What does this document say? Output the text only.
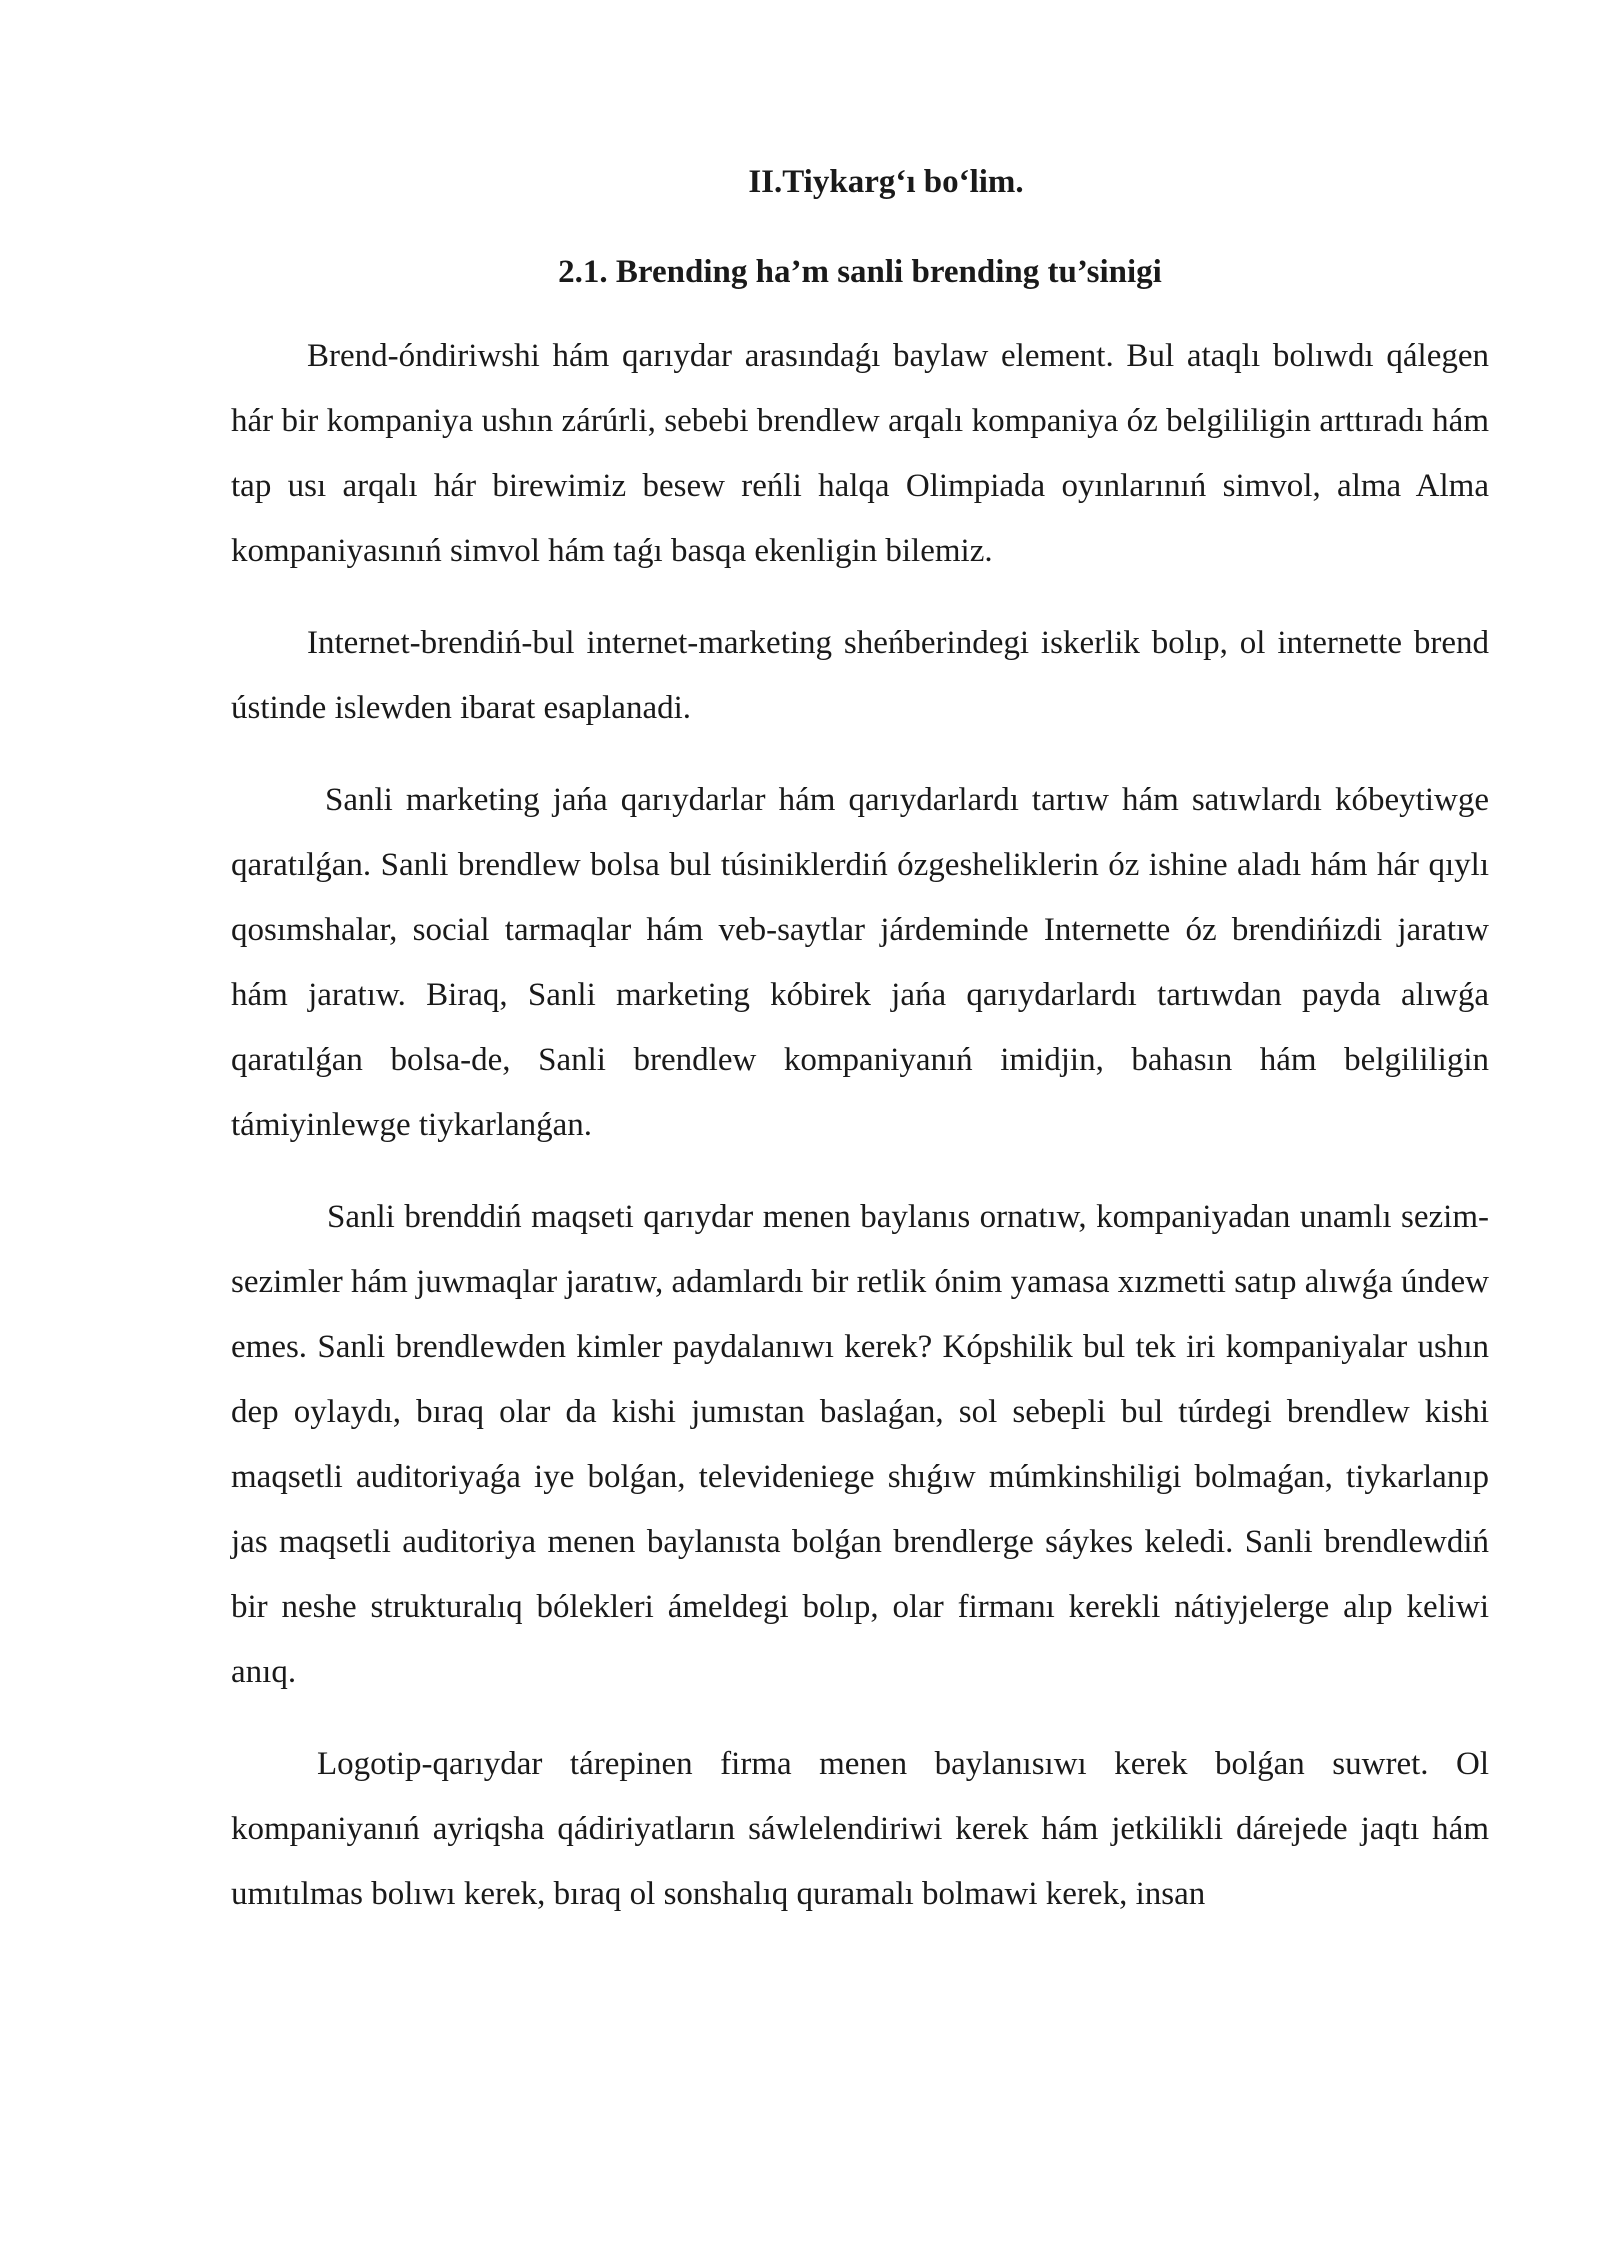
II.Tiykarg‘ı bo‘lim.
2.1. Brending ha’m sanli brending tu’sinigi

Brend-óndiriwshi hám qarıydar arasındaǵı baylaw element. Bul ataqlı bolıwdı qálegen hár bir kompaniya ushın zárúrli, sebebi brendlew arqalı kompaniya óz belgililigin arttıradı hám tap usı arqalı hár birewimiz besew reńli halqa Olimpiada oyınlarınıń simvol, alma Alma kompaniyasınıń simvol hám taǵı basqa ekenligin bilemiz.

Internet-brendiń-bul internet-marketing sheńberindegi iskerlik bolıp, ol internette brend ústinde islewden ibarat esaplanadi.

Sanli marketing jańa qarıydarlar hám qarıydarlardı tartıw hám satıwlardı kóbeytiwge qaratılǵan. Sanli brendlew bolsa bul túsiniklerdiń ózgesheliklerin óz ishine aladı hám hár qıylı qosımshalar, social tarmaqlar hám veb-saytlar járdeminde Internette óz brendińizdi jaratıw hám jaratıw. Biraq, Sanli marketing kóbirek jańa qarıydarlardı tartıwdan payda alıwǵa qaratılǵan bolsa-de, Sanli brendlew kompaniyanıń imidjin, bahasın hám belgililigin támiyinlewge tiykarlanǵan.

Sanli brenddiń maqseti qarıydar menen baylanıs ornatıw, kompaniyadan unamlı sezim-sezimler hám juwmaqlar jaratıw, adamlardı bir retlik ónim yamasa xızmetti satıp alıwǵa úndew emes. Sanli brendlewden kimler paydalanıwı kerek? Kópshilik bul tek iri kompaniyalar ushın dep oylaydı, bıraq olar da kishi jumıstan baslaǵan, sol sebepli bul túrdegi brendlew kishi maqsetli auditoriyaǵa iye bolǵan, televideniege shıǵıw múmkinshiligi bolmaǵan, tiykarlanıp jas maqsetli auditoriya menen baylanısta bolǵan brendlerge sáykes keledi. Sanli brendlewdiń bir neshe strukturalıq bólekleri ámeldegi bolıp, olar firmanı kerekli nátiyjelerge alıp keliwi anıq.

Logotip-qarıydar tárepinen firma menen baylanısıwı kerek bolǵan suwret. Ol kompaniyanıń ayriqsha qádiriyatların sáwlelendiriwi kerek hám jetkilikli dárejede jaqtı hám umıtılmas bolıwı kerek, bıraq ol sonshalıq quramalı bolmawi kerek, insan
